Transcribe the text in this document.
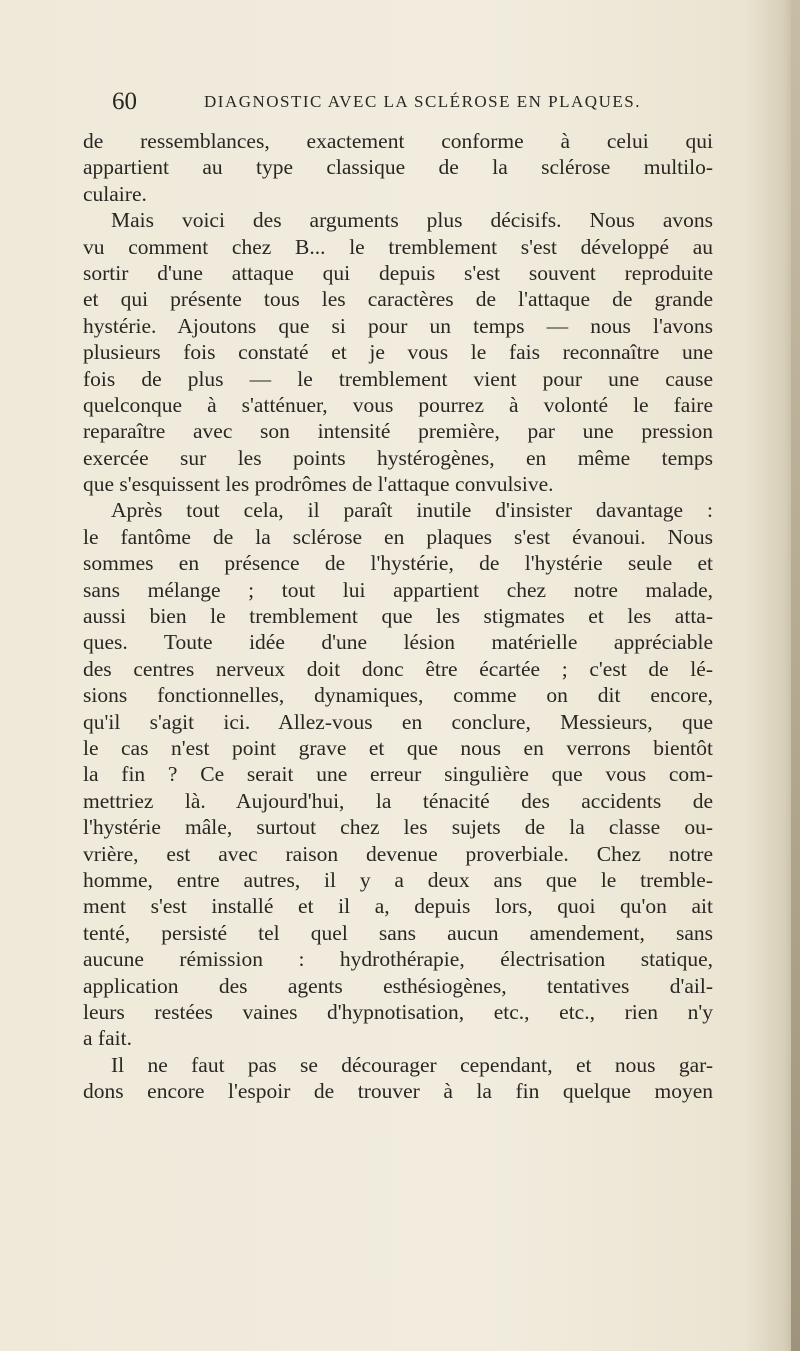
60	DIAGNOSTIC AVEC LA SCLÉROSE EN PLAQUES.
de ressemblances, exactement conforme à celui qui
appartient au type classique de la sclérose multilo-
culaire.
Mais voici des arguments plus décisifs. Nous avons
vu comment chez B... le tremblement s'est développé au
sortir d'une attaque qui depuis s'est souvent reproduite
et qui présente tous les caractères de l'attaque de grande
hystérie. Ajoutons que si pour un temps — nous l'avons
plusieurs fois constaté et je vous le fais reconnaître une
fois de plus — le tremblement vient pour une cause
quelconque à s'atténuer, vous pourrez à volonté le faire
reparaître avec son intensité première, par une pression
exercée sur les points hystérogènes, en même temps
que s'esquissent les prodrômes de l'attaque convulsive.
Après tout cela, il paraît inutile d'insister davantage :
le fantôme de la sclérose en plaques s'est évanoui. Nous
sommes en présence de l'hystérie, de l'hystérie seule et
sans mélange ; tout lui appartient chez notre malade,
aussi bien le tremblement que les stigmates et les atta-
ques. Toute idée d'une lésion matérielle appréciable
des centres nerveux doit donc être écartée ; c'est de lé-
sions fonctionnelles, dynamiques, comme on dit encore,
qu'il s'agit ici. Allez-vous en conclure, Messieurs, que
le cas n'est point grave et que nous en verrons bientôt
la fin ? Ce serait une erreur singulière que vous com-
mettriez là. Aujourd'hui, la ténacité des accidents de
l'hystérie mâle, surtout chez les sujets de la classe ou-
vrière, est avec raison devenue proverbiale. Chez notre
homme, entre autres, il y a deux ans que le tremble-
ment s'est installé et il a, depuis lors, quoi qu'on ait
tenté, persisté tel quel sans aucun amendement, sans
aucune rémission : hydrothérapie, électrisation statique,
application des agents esthésiogènes, tentatives d'ail-
leurs restées vaines d'hypnotisation, etc., etc., rien n'y
a fait.
Il ne faut pas se décourager cependant, et nous gar-
dons encore l'espoir de trouver à la fin quelque moyen
